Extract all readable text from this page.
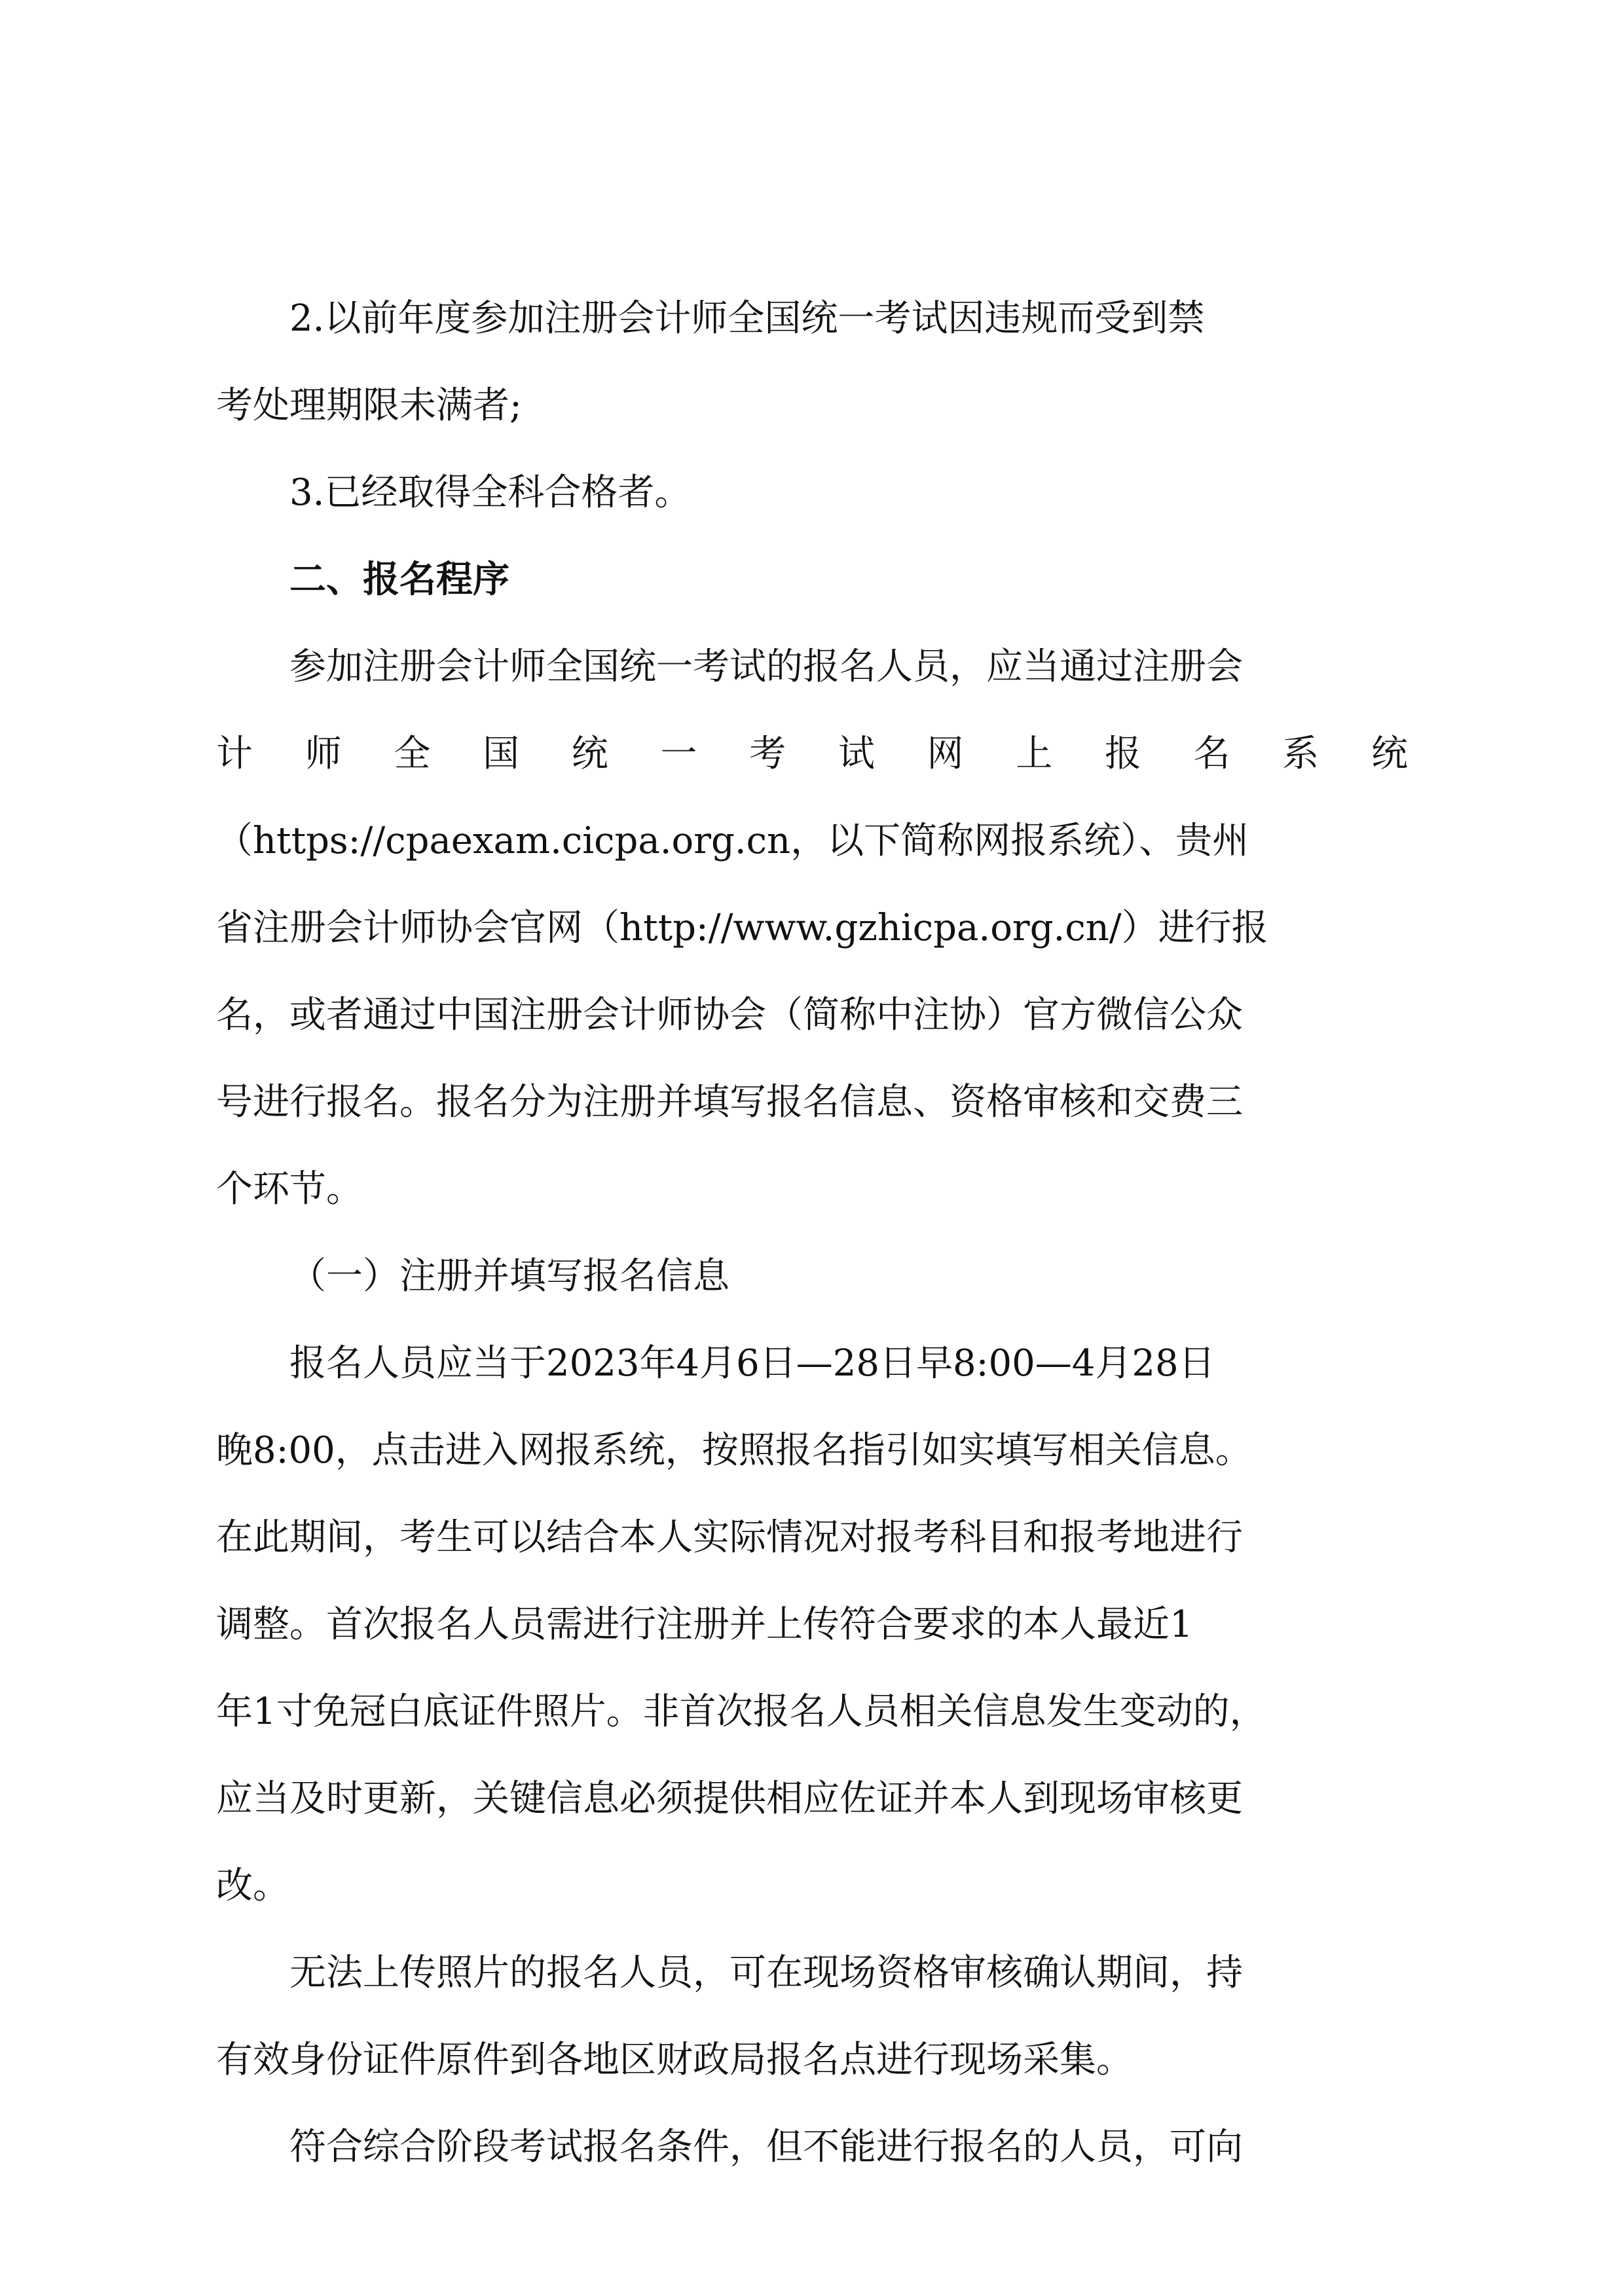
2.以前年度参加注册会计师全国统一考试因违规而受到禁

考处理期限未满者;

3.已经取得全科合格者。

二、报名程序

参加注册会计师全国统一考试的报名人员，应当通过注册会

计 师 全 国 统 一 考 试 网 上 报 名 系 统

（https://cpaexam.cicpa.org.cn，以下简称网报系统）、贵州

省注册会计师协会官网（http://www.gzhicpa.org.cn/）进行报

名，或者通过中国注册会计师协会（简称中注协）官方微信公众

号进行报名。报名分为注册并填写报名信息、资格审核和交费三

个环节。

（一）注册并填写报名信息

报名人员应当于2023年4月6日—28日早8:00—4月28日

晚8:00，点击进入网报系统，按照报名指引如实填写相关信息。

在此期间，考生可以结合本人实际情况对报考科目和报考地进行

调整。首次报名人员需进行注册并上传符合要求的本人最近1

年1寸免冠白底证件照片。非首次报名人员相关信息发生变动的，

应当及时更新，关键信息必须提供相应佐证并本人到现场审核更

改。

无法上传照片的报名人员，可在现场资格审核确认期间，持

有效身份证件原件到各地区财政局报名点进行现场采集。

符合综合阶段考试报名条件，但不能进行报名的人员，可向
